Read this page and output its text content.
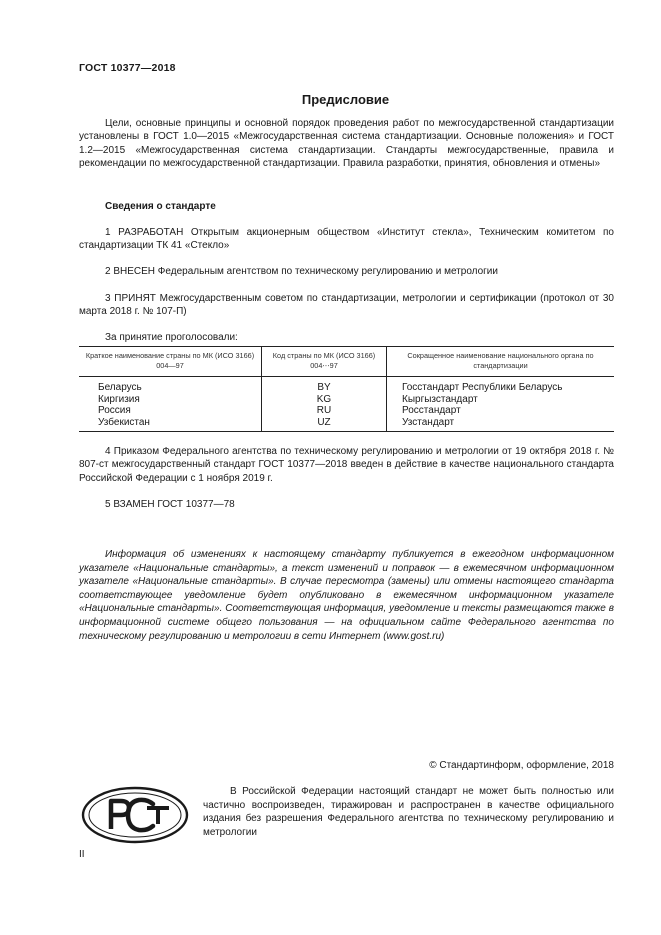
ГОСТ 10377—2018
Предисловие
Цели, основные принципы и основной порядок проведения работ по межгосударственной стандартизации установлены в ГОСТ 1.0—2015 «Межгосударственная система стандартизации. Основные положения» и ГОСТ 1.2—2015 «Межгосударственная система стандартизации. Стандарты межгосударственные, правила и рекомендации по межгосударственной стандартизации. Правила разработки, принятия, обновления и отмены»
Сведения о стандарте
1 РАЗРАБОТАН Открытым акционерным обществом «Институт стекла», Техническим комитетом по стандартизации ТК 41 «Стекло»
2 ВНЕСЕН Федеральным агентством по техническому регулированию и метрологии
3 ПРИНЯТ Межгосударственным советом по стандартизации, метрологии и сертификации (протокол от 30 марта 2018 г. № 107-П)
За принятие проголосовали:
Краткое наименование страны по МК (ИСО 3166) 004—97	Код страны по МК (ИСО 3166) 004⋯97	Сокращенное наименование национального органа по стандартизации
Беларусь	BY	Госстандарт Республики Беларусь
Киргизия	KG	Кыргызстандарт
Россия	RU	Росстандарт
Узбекистан	UZ	Узстандарт
4 Приказом Федерального агентства по техническому регулированию и метрологии от 19 октября 2018 г. № 807-ст межгосударственный стандарт ГОСТ 10377—2018 введен в действие в качестве национального стандарта Российской Федерации с 1 ноября 2019 г.
5 ВЗАМЕН ГОСТ 10377—78
Информация об изменениях к настоящему стандарту публикуется в ежегодном информационном указателе «Национальные стандарты», а текст изменений и поправок — в ежемесячном информационном указателе «Национальные стандарты». В случае пересмотра (замены) или отмены настоящего стандарта соответствующее уведомление будет опубликовано в ежемесячном информационном указателе «Национальные стандарты». Соответствующая информация, уведомление и тексты размещаются также в информационной системе общего пользования — на официальном сайте Федерального агентства по техническому регулированию и метрологии в сети Интернет (www.gost.ru)
© Стандартинформ, оформление, 2018
В Российской Федерации настоящий стандарт не может быть полностью или частично воспроизведен, тиражирован и распространен в качестве официального издания без разрешения Федерального агентства по техническому регулированию и метрологии
II
